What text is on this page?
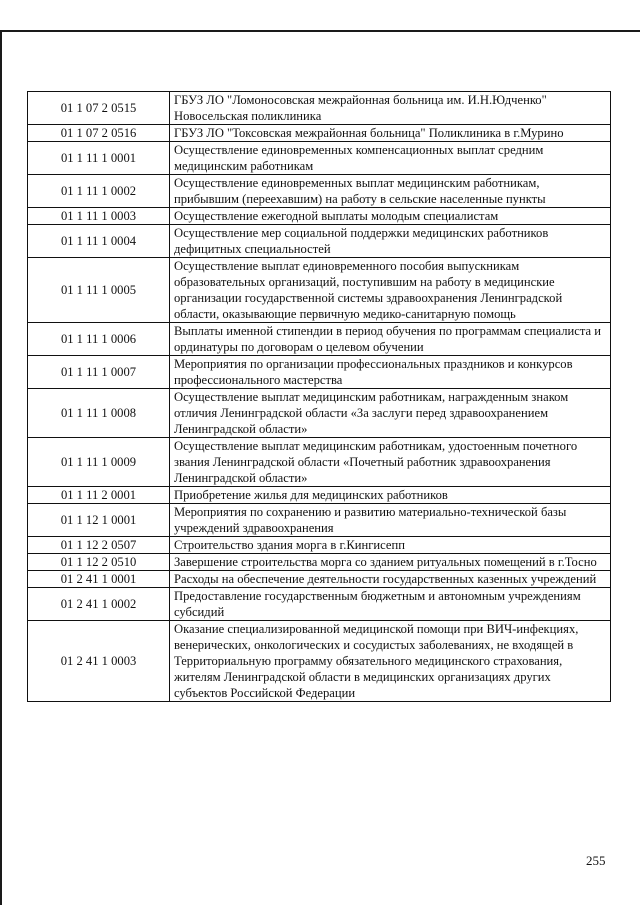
01 1 07 2 0515	ГБУЗ ЛО "Ломоносовская межрайонная больница им. И.Н.Юдченко" Новосельская поликлиника
01 1 07 2 0516	ГБУЗ ЛО "Токсовская межрайонная больница" Поликлиника в г.Мурино
01 1 11 1 0001	Осуществление единовременных компенсационных выплат средним медицинским работникам
01 1 11 1 0002	Осуществление единовременных выплат медицинским работникам, прибывшим (переехавшим) на работу в сельские населенные пункты
01 1 11 1 0003	Осуществление ежегодной выплаты молодым специалистам
01 1 11 1 0004	Осуществление мер социальной поддержки медицинских работников дефицитных специальностей
01 1 11 1 0005	Осуществление выплат единовременного пособия выпускникам образовательных организаций, поступившим на работу в медицинские организации государственной системы здравоохранения Ленинградской области, оказывающие первичную медико-санитарную помощь
01 1 11 1 0006	Выплаты именной стипендии в период обучения по программам специалиста и ординатуры по договорам о целевом обучении
01 1 11 1 0007	Мероприятия по организации профессиональных праздников и конкурсов профессионального мастерства
01 1 11 1 0008	Осуществление выплат медицинским работникам, награжденным знаком отличия Ленинградской области «За заслуги перед здравоохранением Ленинградской области»
01 1 11 1 0009	Осуществление выплат медицинским работникам, удостоенным почетного звания Ленинградской области «Почетный работник здравоохранения Ленинградской области»
01 1 11 2 0001	Приобретение жилья для медицинских работников
01 1 12 1 0001	Мероприятия по сохранению и развитию материально-технической базы учреждений здравоохранения
01 1 12 2 0507	Строительство здания морга в г.Кингисепп
01 1 12 2 0510	Завершение строительства морга со зданием ритуальных помещений в г.Тосно
01 2 41 1 0001	Расходы на обеспечение деятельности государственных казенных учреждений
01 2 41 1 0002	Предоставление государственным бюджетным и автономным учреждениям субсидий
01 2 41 1 0003	Оказание специализированной медицинской помощи при ВИЧ-инфекциях, венерических, онкологических и сосудистых заболеваниях, не входящей в Территориальную программу обязательного медицинского страхования, жителям Ленинградской области в медицинских организациях других субъектов Российской Федерации
255
